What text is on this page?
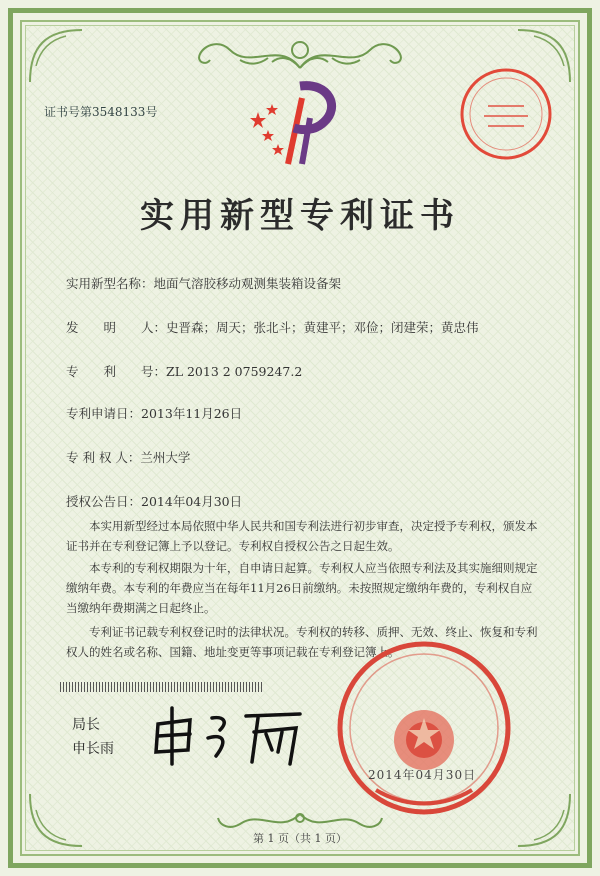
证书号第3548133号
实用新型专利证书
实用新型名称：地面气溶胶移动观测集装箱设备架
发　　明　　人：史晋森；周天；张北斗；黄建平；邓俭；闭建荣；黄忠伟
专　　利　　号：ZL 2013 2 0759247.2
专利申请日：2013年11月26日
专 利 权 人：兰州大学
授权公告日：2014年04月30日
本实用新型经过本局依照中华人民共和国专利法进行初步审查，决定授予专利权，颁发本证书并在专利登记簿上予以登记。专利权自授权公告之日起生效。
本专利的专利权期限为十年，自申请日起算。专利权人应当依照专利法及其实施细则规定缴纳年费。本专利的年费应当在每年11月26日前缴纳。未按照规定缴纳年费的，专利权自应当缴纳年费期满之日起终止。
专利证书记载专利权登记时的法律状况。专利权的转移、质押、无效、终止、恢复和专利权人的姓名或名称、国籍、地址变更等事项记载在专利登记簿上。
局长
申长雨
2014年04月30日
第 1 页（共 1 页）
